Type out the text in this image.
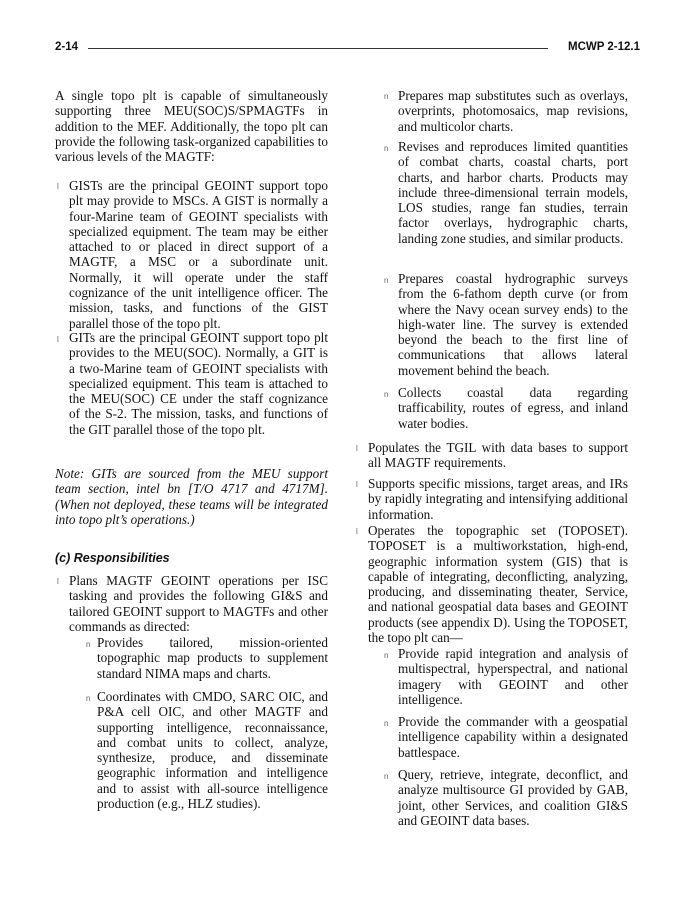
2-14	MCWP 2-12.1
A single topo plt is capable of simultaneously supporting three MEU(SOC)S/SPMAGTFs in addition to the MEF. Additionally, the topo plt can provide the following task-organized capabilities to various levels of the MAGTF:
l GISTs are the principal GEOINT support topo plt may provide to MSCs. A GIST is normally a four-Marine team of GEOINT specialists with specialized equipment. The team may be either attached to or placed in direct support of a MAGTF, a MSC or a subordinate unit. Normally, it will operate under the staff cognizance of the unit intelligence officer. The mission, tasks, and functions of the GIST parallel those of the topo plt.
l GITs are the principal GEOINT support topo plt provides to the MEU(SOC). Normally, a GIT is a two-Marine team of GEOINT specialists with specialized equipment. This team is attached to the MEU(SOC) CE under the staff cognizance of the S-2. The mission, tasks, and functions of the GIT parallel those of the topo plt.
Note: GITs are sourced from the MEU support team section, intel bn [T/O 4717 and 4717M]. (When not deployed, these teams will be integrated into topo plt’s operations.)
(c) Responsibilities
l Plans MAGTF GEOINT operations per ISC tasking and provides the following GI&S and tailored GEOINT support to MAGTFs and other commands as directed:
n Provides tailored, mission-oriented topographic map products to supplement standard NIMA maps and charts.
n Coordinates with CMDO, SARC OIC, and P&A cell OIC, and other MAGTF and supporting intelligence, reconnaissance, and combat units to collect, analyze, synthesize, produce, and disseminate geographic information and intelligence and to assist with all-source intelligence production (e.g., HLZ studies).
n Prepares map substitutes such as overlays, overprints, photomosaics, map revisions, and multicolor charts.
n Revises and reproduces limited quantities of combat charts, coastal charts, port charts, and harbor charts. Products may include three-dimensional terrain models, LOS studies, range fan studies, terrain factor overlays, hydrographic charts, landing zone studies, and similar products.
n Prepares coastal hydrographic surveys from the 6-fathom depth curve (or from where the Navy ocean survey ends) to the high-water line. The survey is extended beyond the beach to the first line of communications that allows lateral movement behind the beach.
n Collects coastal data regarding trafficability, routes of egress, and inland water bodies.
l Populates the TGIL with data bases to support all MAGTF requirements.
l Supports specific missions, target areas, and IRs by rapidly integrating and intensifying additional information.
l Operates the topographic set (TOPOSET). TOPOSET is a multiworkstation, high-end, geographic information system (GIS) that is capable of integrating, deconflicting, analyzing, producing, and disseminating theater, Service, and national geospatial data bases and GEOINT products (see appendix D). Using the TOPOSET, the topo plt can—
n Provide rapid integration and analysis of multispectral, hyperspectral, and national imagery with GEOINT and other intelligence.
n Provide the commander with a geospatial intelligence capability within a designated battlespace.
n Query, retrieve, integrate, deconflict, and analyze multisource GI provided by GAB, joint, other Services, and coalition GI&S and GEOINT data bases.
